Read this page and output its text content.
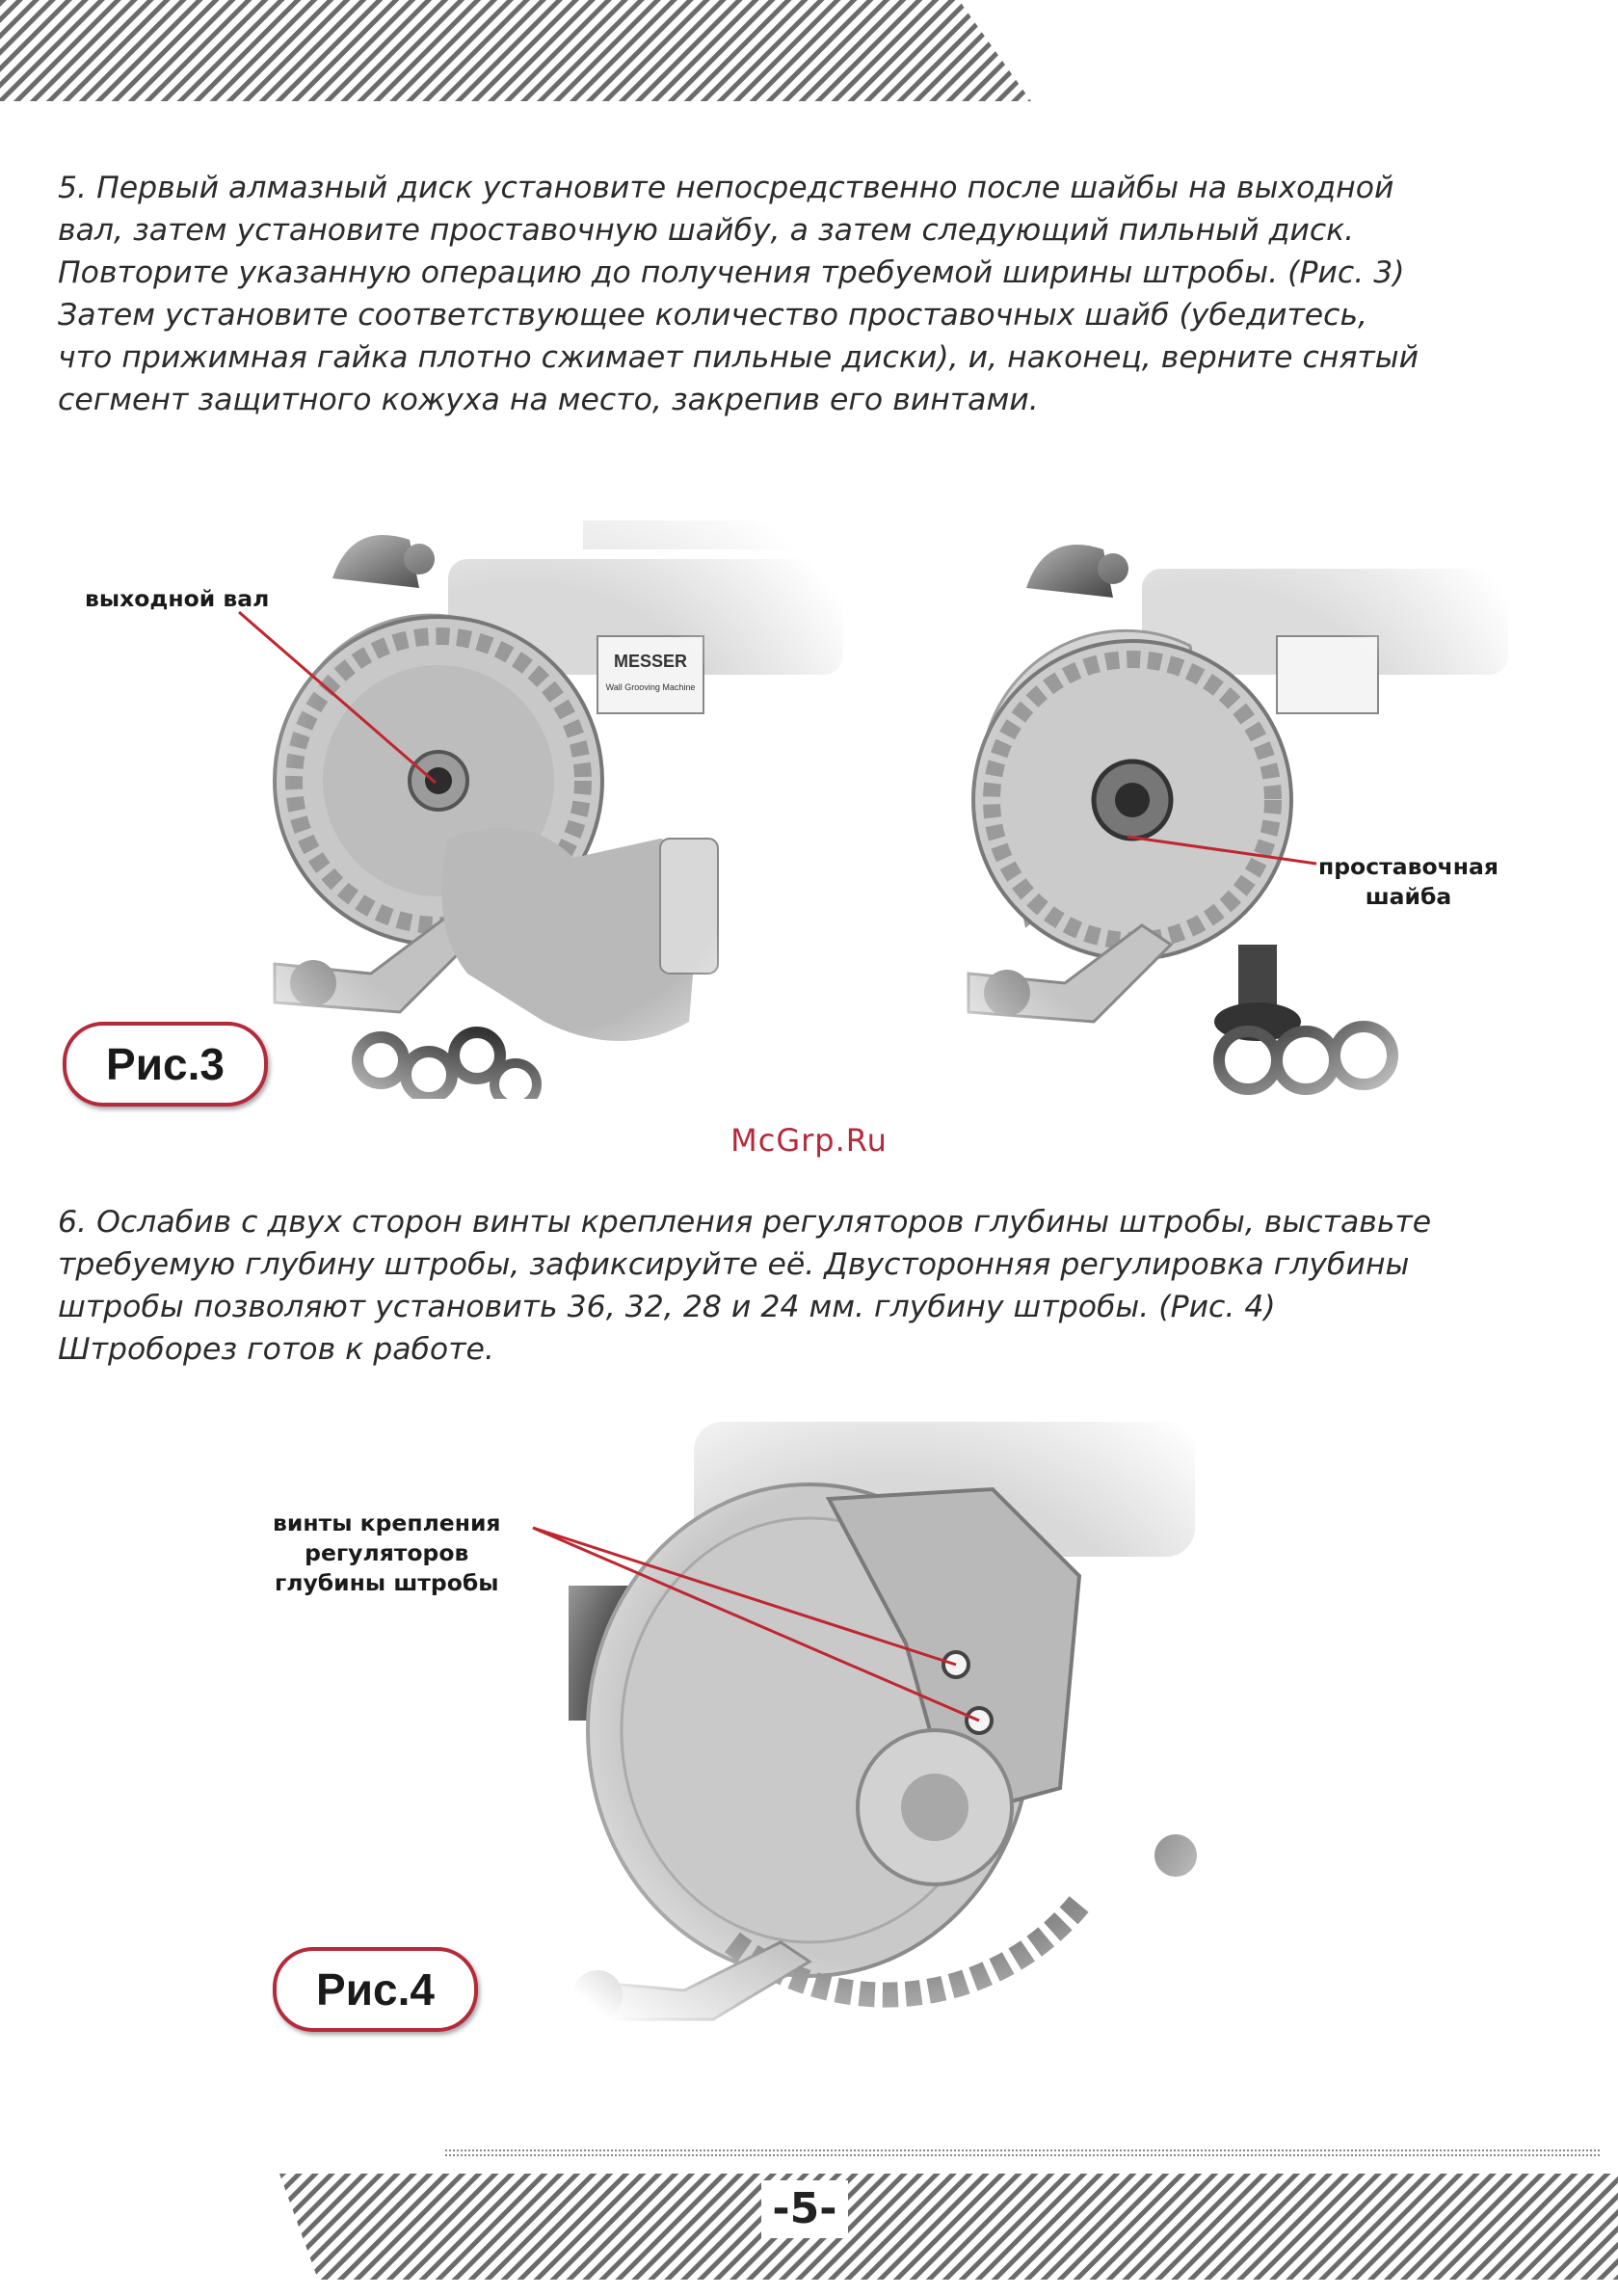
5. Первый алмазный диск установите непосредственно после шайбы на выходной
вал, затем установите проставочную шайбу, а затем следующий пильный диск.
Повторите указанную операцию до получения требуемой ширины штробы. (Рис. 3)
Затем установите соответствующее количество проставочных шайб (убедитесь,
что прижимная гайка плотно сжимает пильные диски), и, наконец, верните снятый
сегмент защитного кожуха на место, закрепив его винтами.

выходной вал
проставочная
шайба
Рис.3
McGrp.Ru

6. Ослабив с двух сторон винты крепления регуляторов глубины штробы, выставьте
требуемую глубину штробы, зафиксируйте её. Двусторонняя регулировка глубины
штробы позволяют установить 36, 32, 28 и 24 мм. глубину штробы. (Рис. 4)
Штроборез готов к работе.

винты крепления
регуляторов
глубины штробы
Рис.4
-5-
